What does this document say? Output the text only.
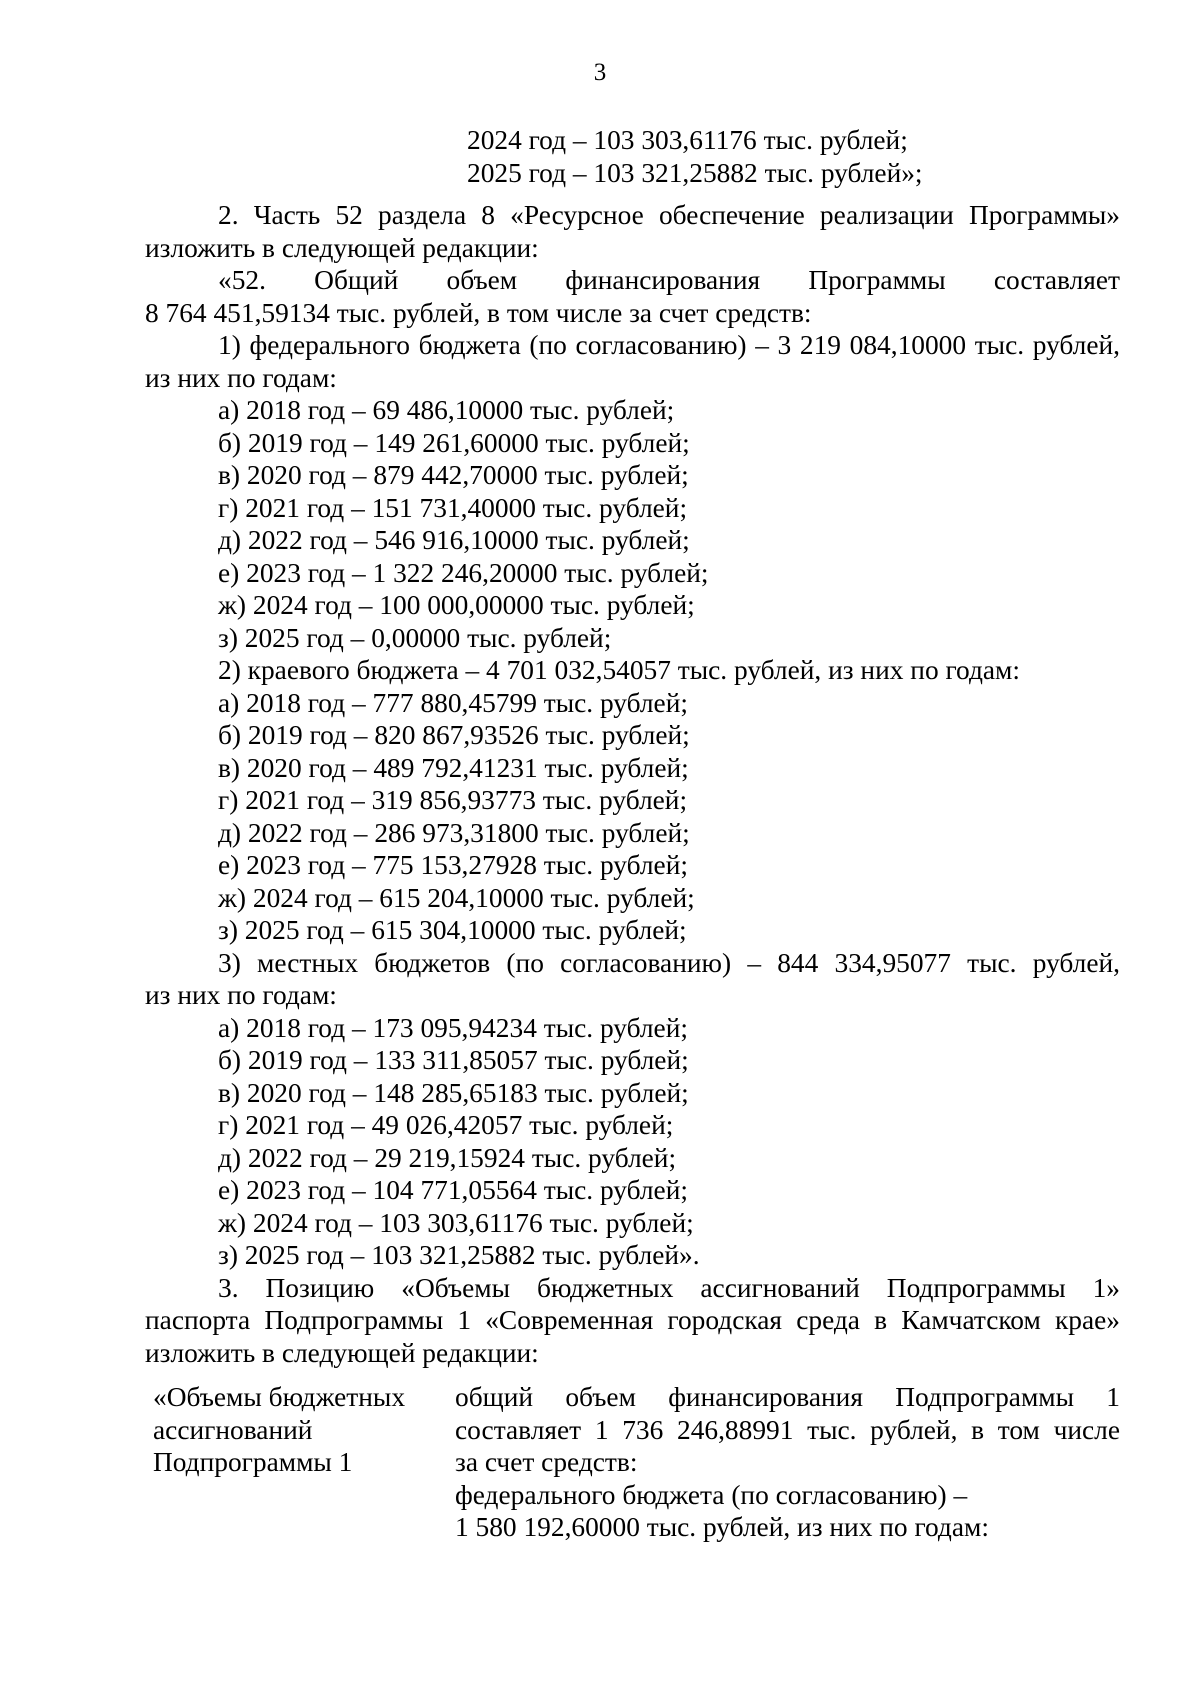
3

2024 год – 103 303,61176 тыс. рублей;

2025 год – 103 321,25882 тыс. рублей»;

2. Часть 52 раздела 8 «Ресурсное обеспечение реализации Программы»

изложить в следующей редакции:

«52. Общий объем финансирования Программы составляет

8 764 451,59134 тыс. рублей, в том числе за счет средств:

1) федерального бюджета (по согласованию) – 3 219 084,10000 тыс. рублей,

из них по годам:

а) 2018 год – 69 486,10000 тыс. рублей;

б) 2019 год – 149 261,60000 тыс. рублей;

в) 2020 год – 879 442,70000 тыс. рублей;

г) 2021 год – 151 731,40000 тыс. рублей;

д) 2022 год – 546 916,10000 тыс. рублей;

е) 2023 год – 1 322 246,20000 тыс. рублей;

ж) 2024 год – 100 000,00000 тыс. рублей;

з) 2025 год – 0,00000 тыс. рублей;

2) краевого бюджета – 4 701 032,54057 тыс. рублей, из них по годам:

а) 2018 год – 777 880,45799 тыс. рублей;

б) 2019 год – 820 867,93526 тыс. рублей;

в) 2020 год – 489 792,41231 тыс. рублей;

г) 2021 год – 319 856,93773 тыс. рублей;

д) 2022 год – 286 973,31800 тыс. рублей;

е) 2023 год – 775 153,27928 тыс. рублей;

ж) 2024 год – 615 204,10000 тыс. рублей;

з) 2025 год – 615 304,10000 тыс. рублей;

3) местных бюджетов (по согласованию) – 844 334,95077 тыс. рублей,

из них по годам:

а) 2018 год – 173 095,94234 тыс. рублей;

б) 2019 год – 133 311,85057 тыс. рублей;

в) 2020 год – 148 285,65183 тыс. рублей;

г) 2021 год – 49 026,42057 тыс. рублей;

д) 2022 год – 29 219,15924 тыс. рублей;

е) 2023 год – 104 771,05564 тыс. рублей;

ж) 2024 год – 103 303,61176 тыс. рублей;

з) 2025 год – 103 321,25882 тыс. рублей».

3. Позицию «Объемы бюджетных ассигнований Подпрограммы 1»

паспорта Подпрограммы 1 «Современная городская среда в Камчатском крае»

изложить в следующей редакции:

«Объемы бюджетных

ассигнований

Подпрограммы 1

общий объем финансирования Подпрограммы 1

составляет 1 736 246,88991 тыс. рублей, в том числе

за счет средств:

федерального бюджета (по согласованию) –

1 580 192,60000 тыс. рублей, из них по годам:
